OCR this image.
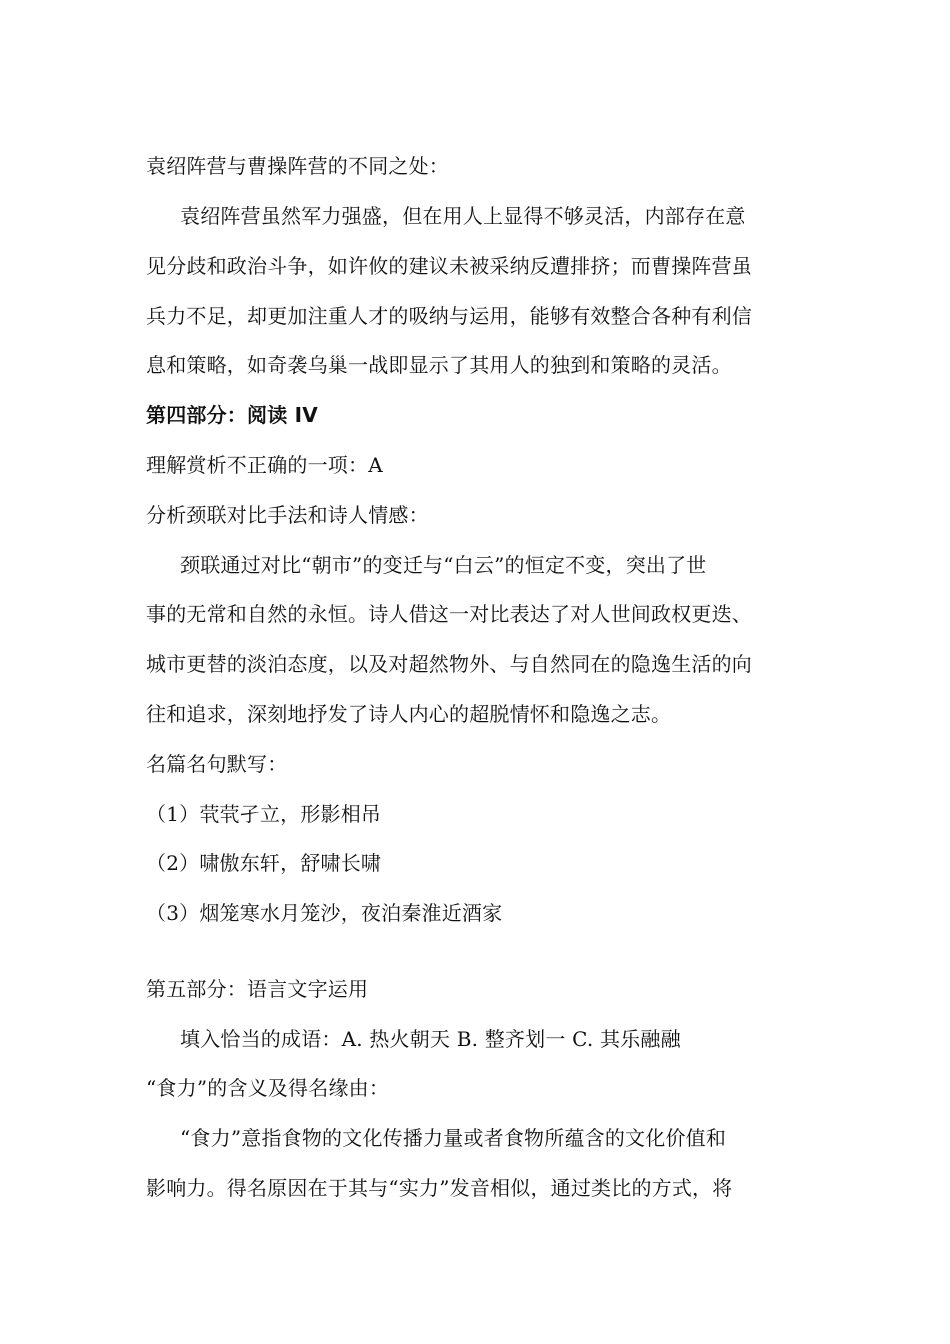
袁绍阵营与曹操阵营的不同之处：
袁绍阵营虽然军力强盛，但在用人上显得不够灵活，内部存在意
见分歧和政治斗争，如许攸的建议未被采纳反遭排挤；而曹操阵营虽
兵力不足，却更加注重人才的吸纳与运用，能够有效整合各种有利信
息和策略，如奇袭乌巢一战即显示了其用人的独到和策略的灵活。
第四部分：阅读 IV
理解赏析不正确的一项：A
分析颈联对比手法和诗人情感：
颈联通过对比“朝市”的变迁与“白云”的恒定不变，突出了世
事的无常和自然的永恒。诗人借这一对比表达了对人世间政权更迭、
城市更替的淡泊态度，以及对超然物外、与自然同在的隐逸生活的向
往和追求，深刻地抒发了诗人内心的超脱情怀和隐逸之志。
名篇名句默写：
（1）茕茕孑立，形影相吊
（2）啸傲东轩，舒啸长啸
（3）烟笼寒水月笼沙，夜泊秦淮近酒家
第五部分：语言文字运用
填入恰当的成语：A. 热火朝天 B. 整齐划一 C. 其乐融融
“食力”的含义及得名缘由：
“食力”意指食物的文化传播力量或者食物所蕴含的文化价值和
影响力。得名原因在于其与“实力”发音相似，通过类比的方式，将
